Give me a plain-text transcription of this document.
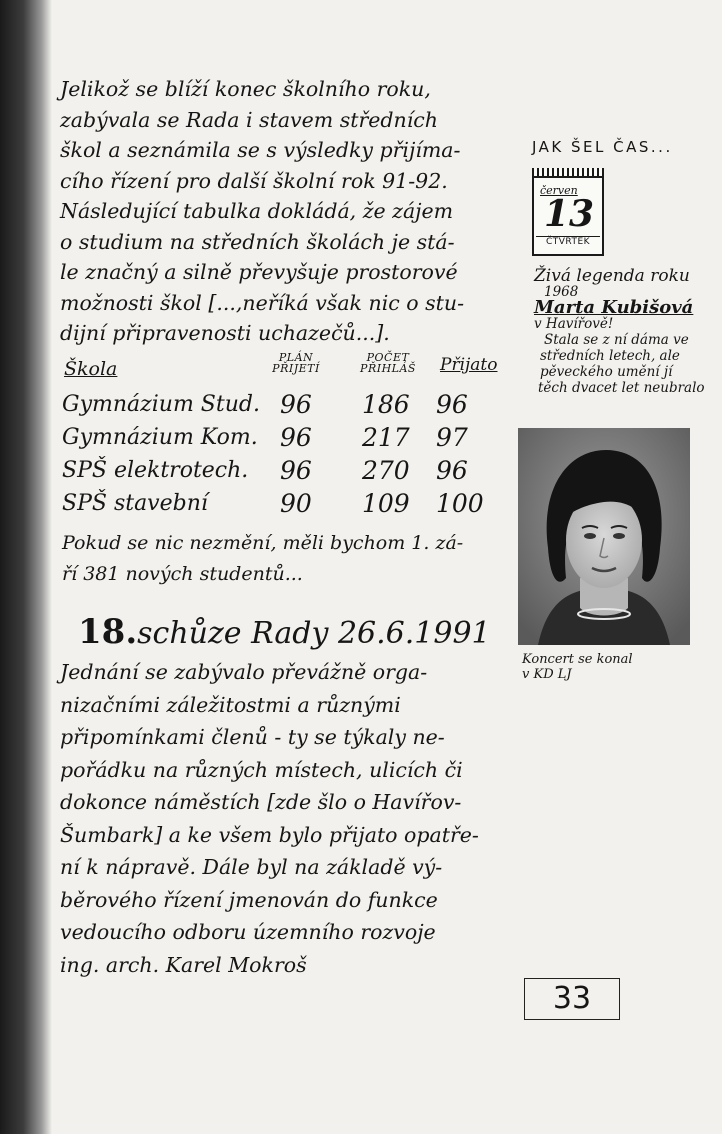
Jelikož se blíží konec školního roku,
zabývala se Rada i stavem středních
škol a seznámila se s výsledky přijíma-
cího řízení pro další školní rok 91-92.
Následující tabulka dokládá, že zájem
o studium na středních školách je stá-
le značný a silně převyšuje prostorové
možnosti škol [...,neříká však nic o stu-
dijní připravenosti uchazečů...].

Škola
PLÁN
PŘIJETÍ
POČET
PŘIHLÁŠ	Přijato
Gymnázium Stud. 96 186 96
Gymnázium Kom. 96 217 97
SPŠ elektrotech. 96 270 96
SPŠ stavební	90 109 100

Pokud se nic nezmění, měli bychom 1. zá-
ří 381 nových studentů...

18.schůze Rady 26.6.1991

Jednání se zabývalo převážně orga-
nizačními záležitostmi a různými
připomínkami členů - ty se týkaly ne-
pořádku na různých místech, ulicích či
dokonce náměstích [zde šlo o Havířov-
Šumbark] a ke všem bylo přijato opatře-
ní k nápravě. Dále byl na základě vý-
běrového řízení jmenován do funkce
vedoucího odboru územního rozvoje
ing. arch. Karel Mokroš

JAK ŠEL ČAS...
červen
13
ČTVRTEK

Živá legenda roku
1968
Marta Kubišová
v Havířově!
Stala se z ní dáma ve
středních letech, ale
pěveckého umění jí
těch dvacet let neubralo

Koncert se konal
v KD LJ

33
